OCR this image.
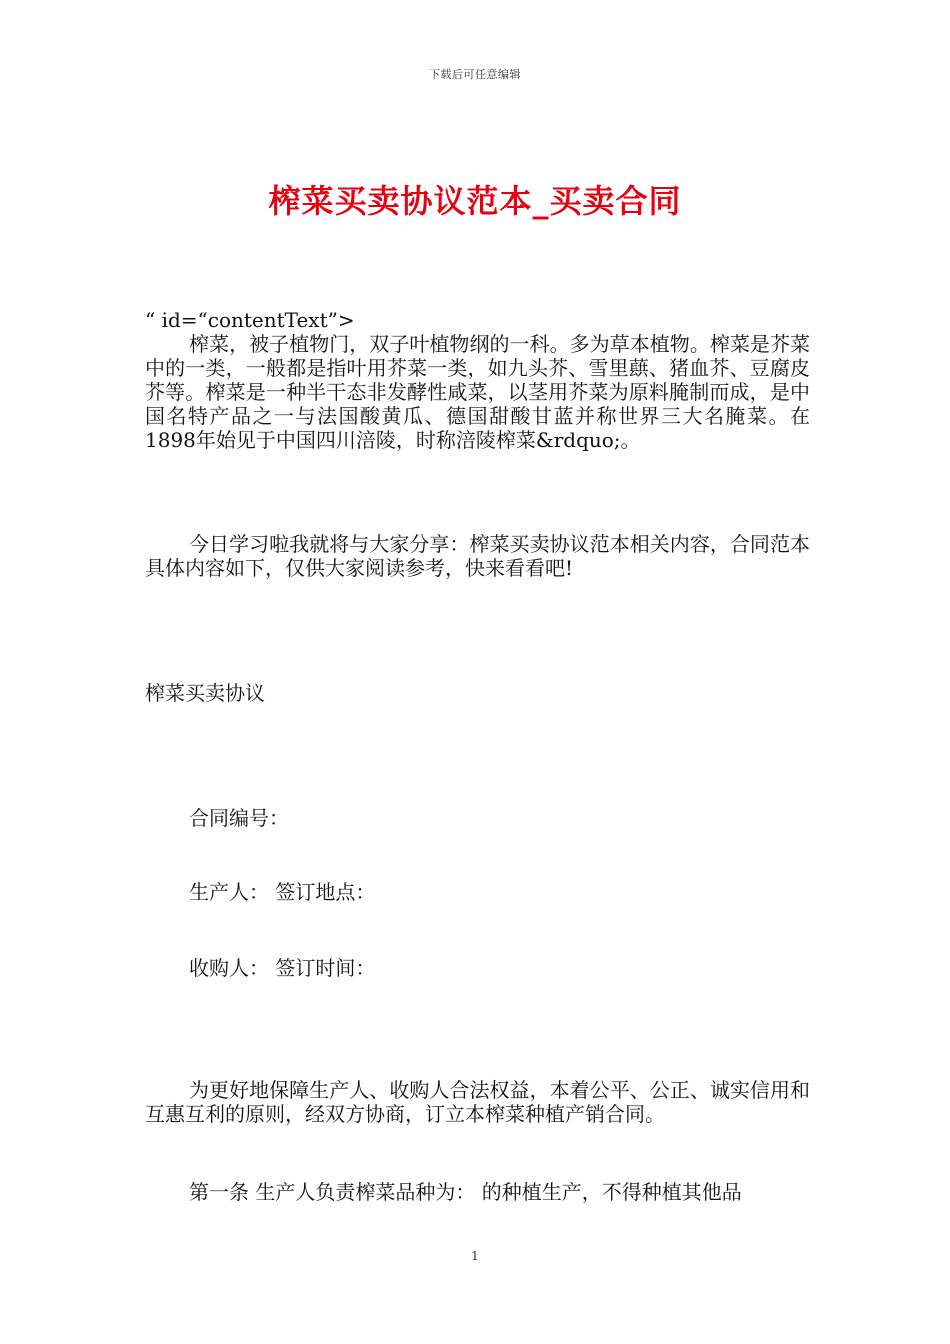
下载后可任意编辑
榨菜买卖协议范本_买卖合同

“ id=“contentText”>

榨菜，被子植物门，双子叶植物纲的一科。多为草本植物。榨菜是芥菜中的一类，一般都是指叶用芥菜一类，如九头芥、雪里蕻、猪血芥、豆腐皮芥等。榨菜是一种半干态非发酵性咸菜，以茎用芥菜为原料腌制而成，是中国名特产品之一与法国酸黄瓜、德国甜酸甘蓝并称世界三大名腌菜。在1898年始见于中国四川涪陵，时称涪陵榨菜&rdquo;。

今日学习啦我就将与大家分享：榨菜买卖协议范本相关内容，合同范本具体内容如下，仅供大家阅读参考，快来看看吧!

榨菜买卖协议

合同编号：

生产人： 签订地点：

收购人： 签订时间：

为更好地保障生产人、收购人合法权益，本着公平、公正、诚实信用和互惠互利的原则，经双方协商，订立本榨菜种植产销合同。

第一条 生产人负责榨菜品种为： 的种植生产，不得种植其他品

1
